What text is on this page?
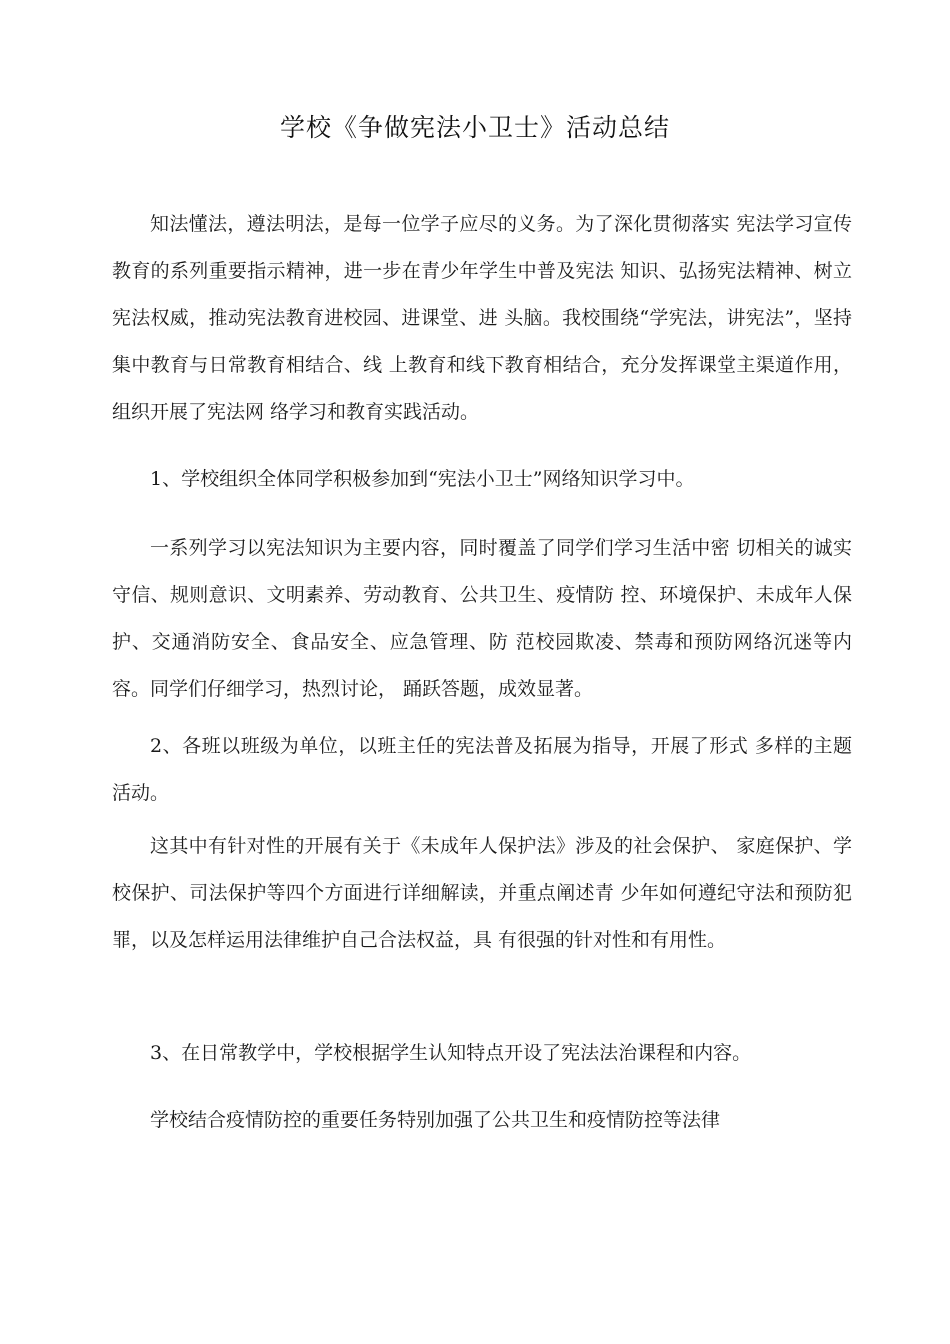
学校《争做宪法小卫士》活动总结
知法懂法，遵法明法，是每一位学子应尽的义务。为了深化贯彻落实 宪法学习宣传教育的系列重要指示精神，进一步在青少年学生中普及宪法 知识、弘扬宪法精神、树立宪法权威，推动宪法教育进校园、进课堂、进 头脑。我校围绕“学宪法，讲宪法”，坚持集中教育与日常教育相结合、线 上教育和线下教育相结合，充分发挥课堂主渠道作用，组织开展了宪法网 络学习和教育实践活动。
1、学校组织全体同学积极参加到“宪法小卫士”网络知识学习中。
一系列学习以宪法知识为主要内容，同时覆盖了同学们学习生活中密 切相关的诚实守信、规则意识、文明素养、劳动教育、公共卫生、疫情防 控、环境保护、未成年人保护、交通消防安全、食品安全、应急管理、防 范校园欺凌、禁毒和预防网络沉迷等内容。同学们仔细学习，热烈讨论， 踊跃答题，成效显著。
2、各班以班级为单位，以班主任的宪法普及拓展为指导，开展了形式 多样的主题活动。
这其中有针对性的开展有关于《未成年人保护法》涉及的社会保护、 家庭保护、学校保护、司法保护等四个方面进行详细解读，并重点阐述青 少年如何遵纪守法和预防犯罪，以及怎样运用法律维护自己合法权益，具 有很强的针对性和有用性。
3、在日常教学中，学校根据学生认知特点开设了宪法法治课程和内容。
学校结合疫情防控的重要任务特别加强了公共卫生和疫情防控等法律
